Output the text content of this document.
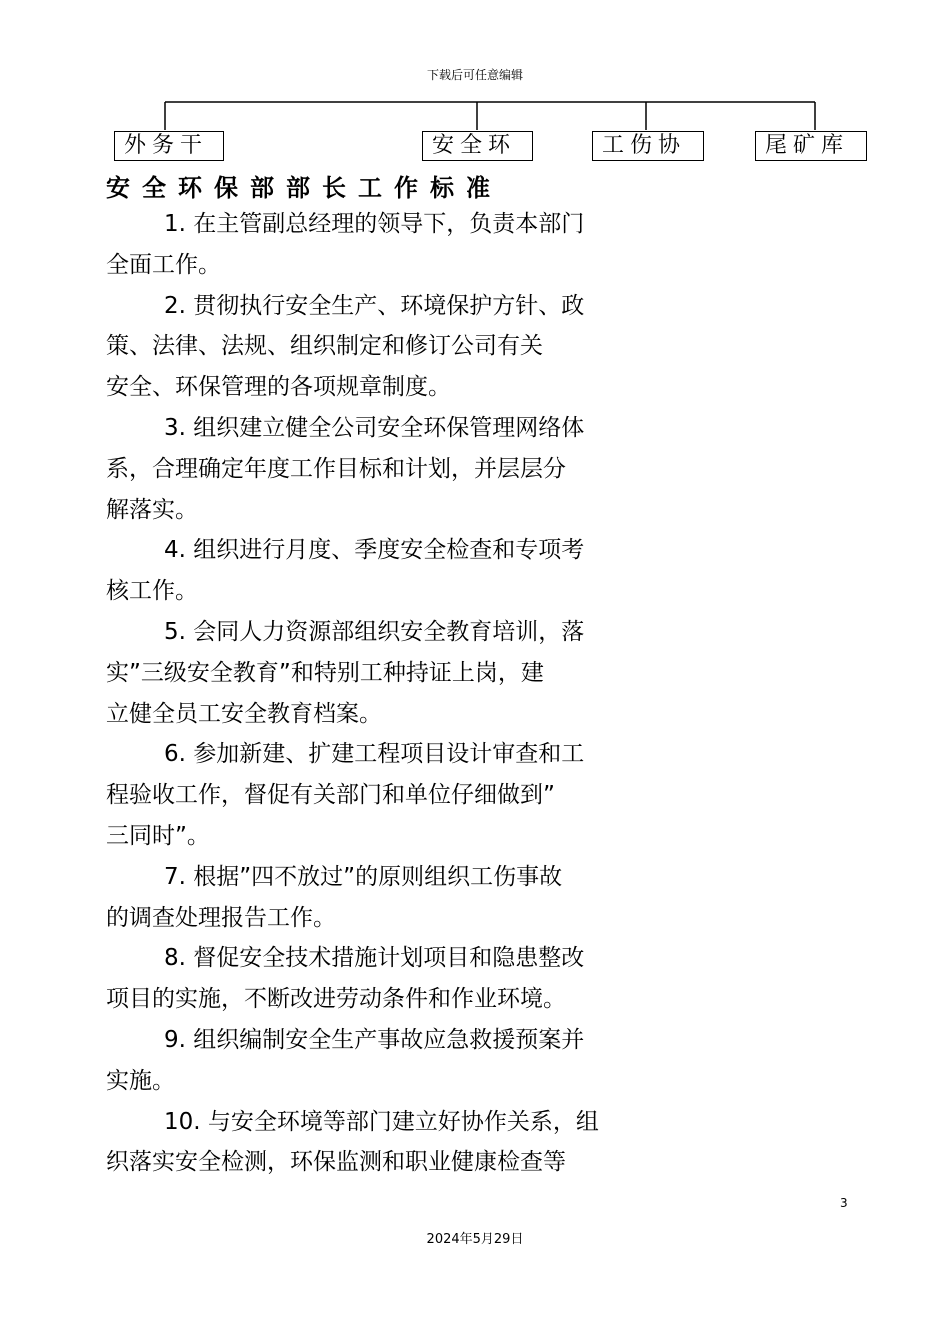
下载后可任意编辑
外务干	安全环	工伤协	尾矿库
安全环保部部长工作标准
1. 在主管副总经理的领导下，负责本部门
全面工作。
2. 贯彻执行安全生产、环境保护方针、政
策、法律、法规、组织制定和修订公司有关
安全、环保管理的各项规章制度。
3. 组织建立健全公司安全环保管理网络体
系，合理确定年度工作目标和计划，并层层分
解落实。
4. 组织进行月度、季度安全检查和专项考
核工作。
5. 会同人力资源部组织安全教育培训，落
实”三级安全教育”和特别工种持证上岗，建
立健全员工安全教育档案。
6. 参加新建、扩建工程项目设计审查和工
程验收工作，督促有关部门和单位仔细做到”
三同时”。
7. 根据”四不放过”的原则组织工伤事故
的调查处理报告工作。
8. 督促安全技术措施计划项目和隐患整改
项目的实施，不断改进劳动条件和作业环境。
9. 组织编制安全生产事故应急救援预案并
实施。
10. 与安全环境等部门建立好协作关系，组
织落实安全检测，环保监测和职业健康检查等
3
2024年5月29日
